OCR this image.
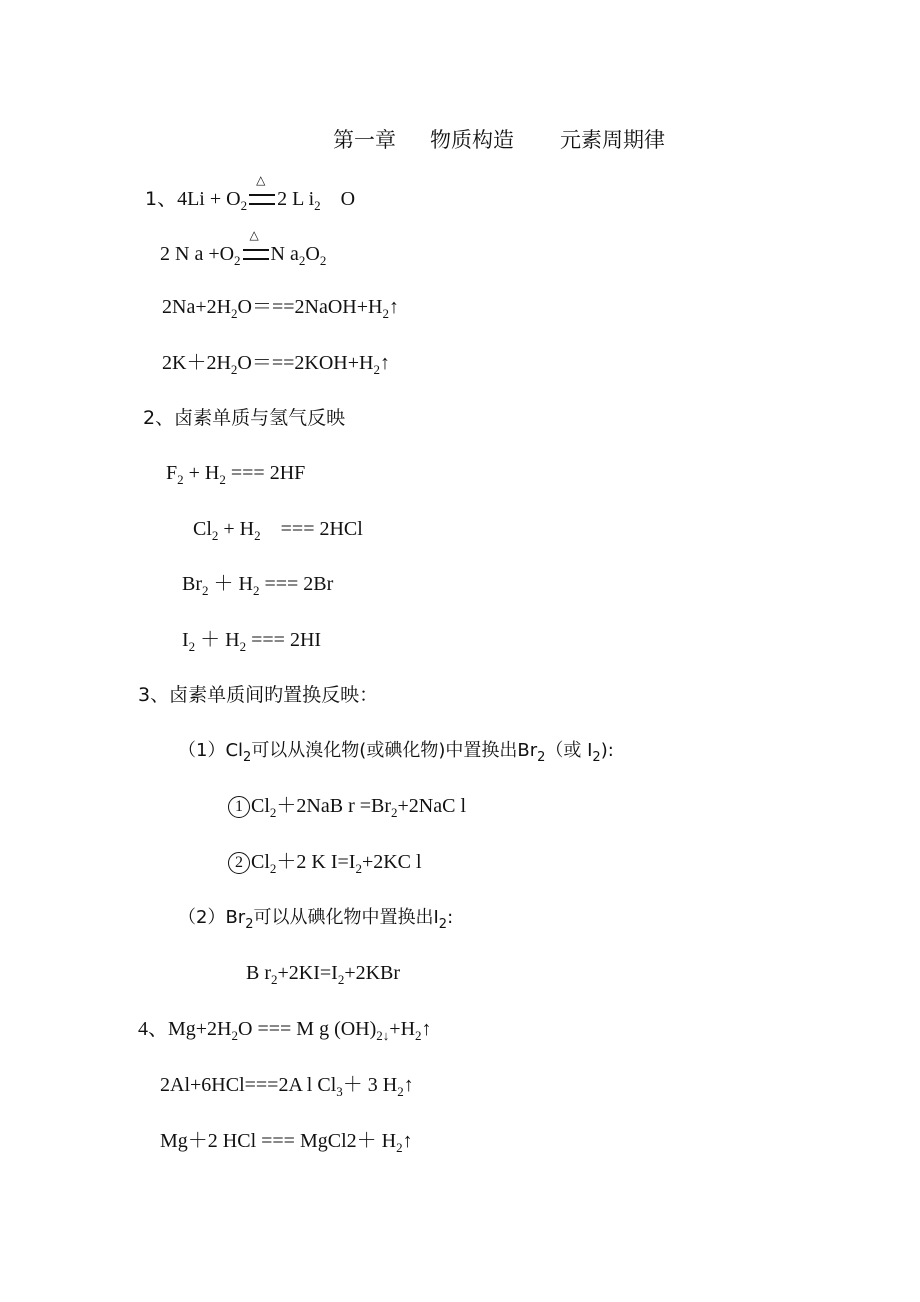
第一章 物质构造 元素周期律
1、$4Li + O_2$
△
2 L $i_2$ O
2 N $a +O_2$
△
N $a_2O_2$
$2Na+2H_2O===2NaOH+H_2↑$
$2K+2H_2O===2KOH+H_2↑$
2、卤素单质与氢气反映
$F_2 + H_2$ === 2HF
$Cl_2 + H_2$ === 2HCl
$Br_2 + H_2$ === 2Br
$I_2 + H_2$ === 2HI
3、卤素单质间旳置换反映：
$(1)Cl_2$可以从溴化物(或碘化物)中置换出$Br_2$（或 $I_2$):
1 $Cl_2+2NaB$ $r =Br_2+2NaC$ l
2 $Cl_2+2$ K $I=I_2+2KC$ l
$(2)Br_2$可以从碘化物中置换出$I_2$:
B $r_2+2KI=I_2+2KBr$
4、$Mg+2H_2O$ === M g $(OH)_{2↓}+H_2↑$
2Al+6HCl===2A l $Cl_3+ 3$ $H_2↑$
Mg＋2 HCl === MgCl2＋ $H_2↑$
